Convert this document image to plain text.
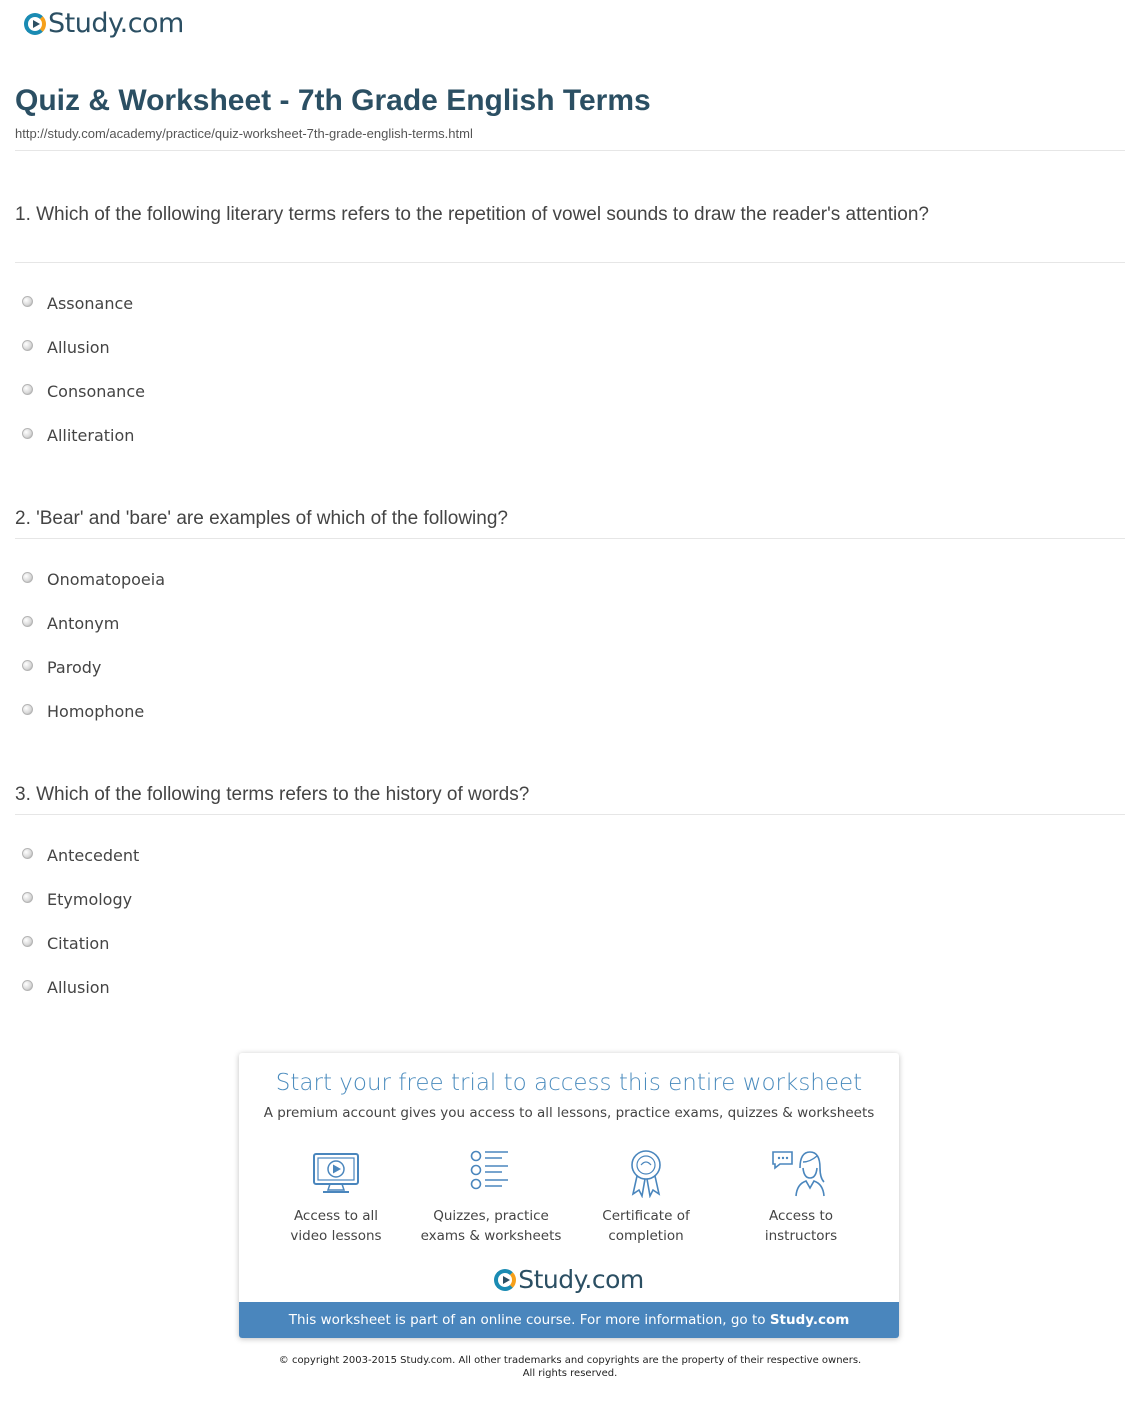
Study.com
Quiz & Worksheet - 7th Grade English Terms
http://study.com/academy/practice/quiz-worksheet-7th-grade-english-terms.html
1. Which of the following literary terms refers to the repetition of vowel sounds to draw the reader's attention?
Assonance
Allusion
Consonance
Alliteration
2. 'Bear' and 'bare' are examples of which of the following?
Onomatopoeia
Antonym
Parody
Homophone
3. Which of the following terms refers to the history of words?
Antecedent
Etymology
Citation
Allusion
Start your free trial to access this entire worksheet
A premium account gives you access to all lessons, practice exams, quizzes & worksheets
Access to all
video lessons
Quizzes, practice
exams & worksheets
Certificate of
completion
Access to
instructors
Study.com
This worksheet is part of an online course. For more information, go to Study.com
© copyright 2003-2015 Study.com. All other trademarks and copyrights are the property of their respective owners.
All rights reserved.
